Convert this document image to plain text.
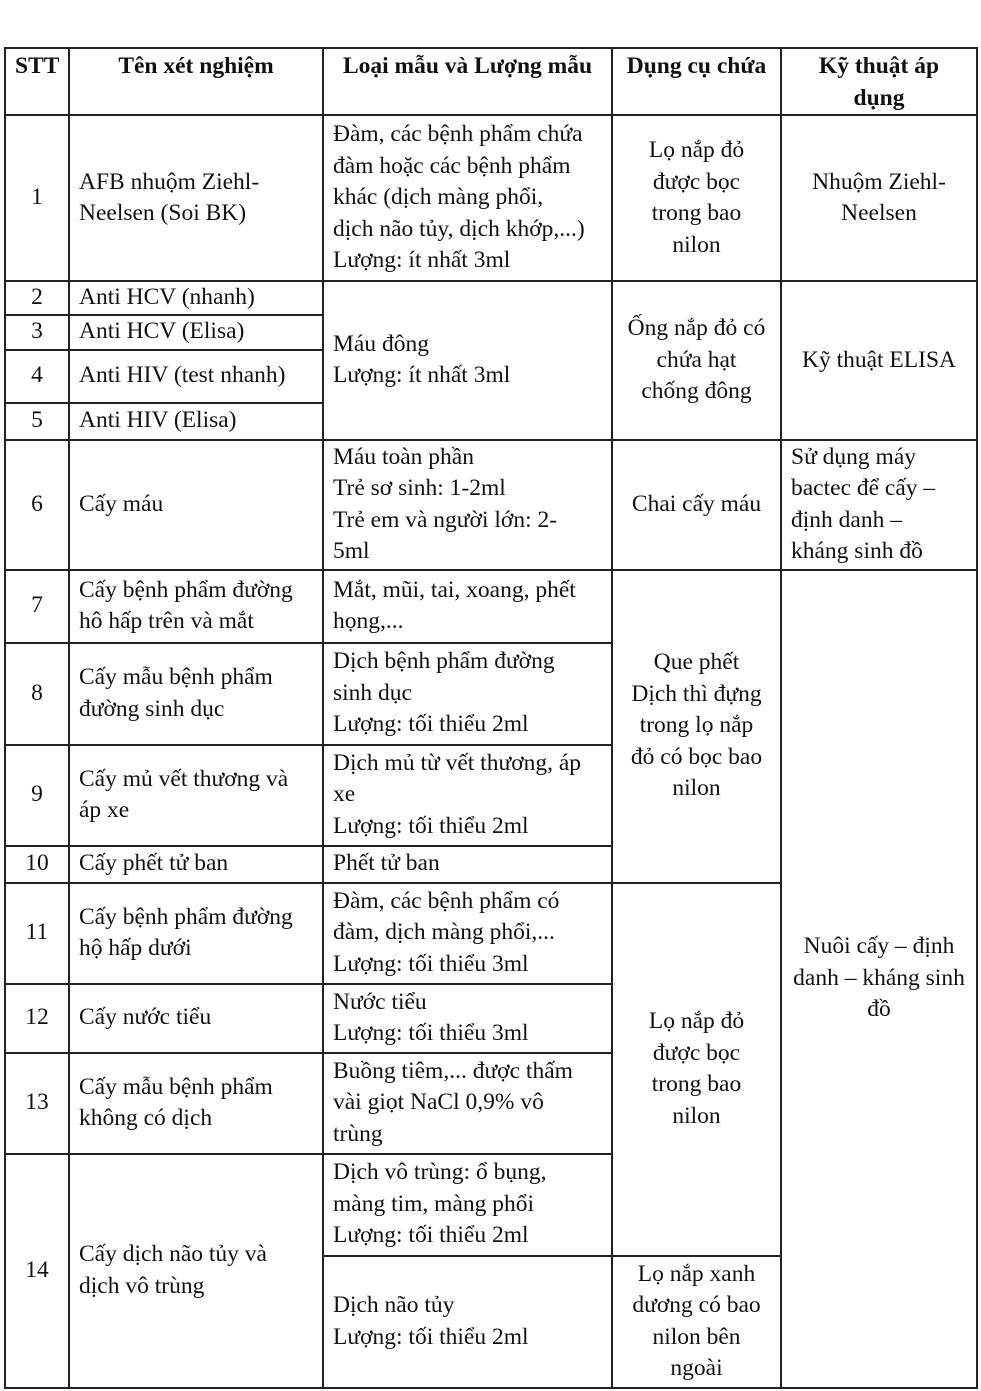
STT	Tên xét nghiệm	Loại mẫu và Lượng mẫu	Dụng cụ chứa	Kỹ thuật áp
dụng
1	AFB nhuộm Ziehl-
Neelsen (Soi BK)	Đàm, các bệnh phẩm chứa
đàm hoặc các bệnh phẩm
khác (dịch màng phổi,
dịch não tủy, dịch khớp,...)
Lượng: ít nhất 3ml	Lọ nắp đỏ
được bọc
trong bao
nilon	Nhuộm Ziehl-
Neelsen
2	Anti HCV (nhanh)	Máu đông
Lượng: ít nhất 3ml	Ống nắp đỏ có
chứa hạt
chống đông	Kỹ thuật ELISA
3	Anti HCV (Elisa)			
4	Anti HIV (test nhanh)			
5	Anti HIV (Elisa)			
6	Cấy máu	Máu toàn phần
Trẻ sơ sinh: 1-2ml
Trẻ em và người lớn: 2-
5ml	Chai cấy máu	Sử dụng máy
bactec để cấy –
định danh –
kháng sinh đồ
7	Cấy bệnh phẩm đường
hô hấp trên và mắt	Mắt, mũi, tai, xoang, phết
họng,...	Que phết
Dịch thì đựng
trong lọ nắp
đỏ có bọc bao
nilon	Nuôi cấy – định
danh – kháng sinh
đồ
8	Cấy mẫu bệnh phẩm
đường sinh dục	Dịch bệnh phẩm đường
sinh dục
Lượng: tối thiểu 2ml		
9	Cấy mủ vết thương và
áp xe	Dịch mủ từ vết thương, áp
xe
Lượng: tối thiểu 2ml		
10	Cấy phết tử ban	Phết tử ban		
11	Cấy bệnh phẩm đường
hộ hấp dưới	Đàm, các bệnh phẩm có
đàm, dịch màng phổi,...
Lượng: tối thiểu 3ml	Lọ nắp đỏ
được bọc
trong bao
nilon	
12	Cấy nước tiểu	Nước tiểu
Lượng: tối thiểu 3ml		
13	Cấy mẫu bệnh phẩm
không có dịch	Buồng tiêm,... được thấm
vài giọt NaCl 0,9% vô
trùng		
14	Cấy dịch não tủy và
dịch vô trùng	Dịch vô trùng: ổ bụng,
màng tim, màng phổi
Lượng: tối thiểu 2ml		
		Dịch não tủy
Lượng: tối thiểu 2ml	Lọ nắp xanh
dương có bao
nilon bên
ngoài	
